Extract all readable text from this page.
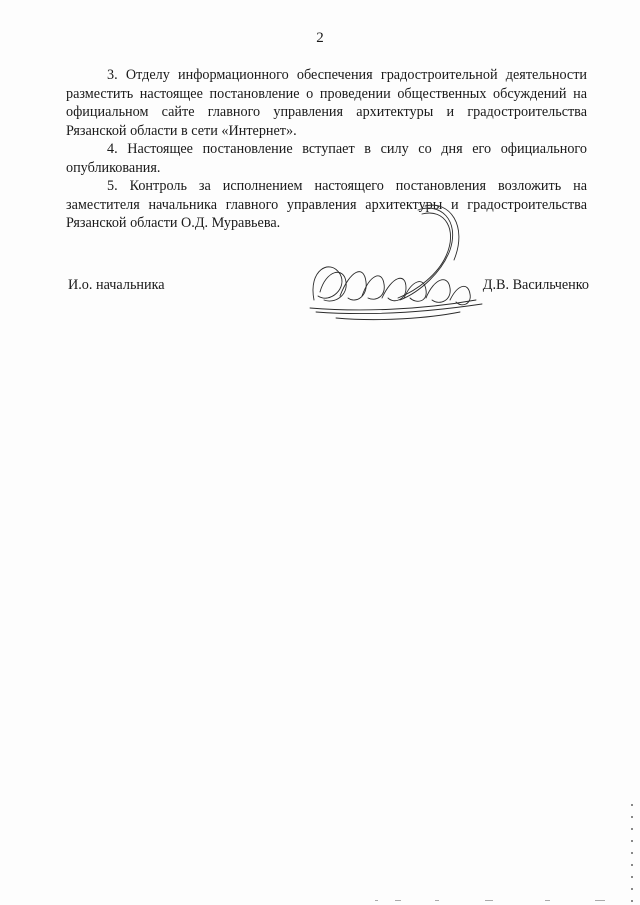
2

3. Отделу информационного обеспечения градостроительной деятельности разместить настоящее постановление о проведении общественных обсуждений на официальном сайте главного управления архитектуры и градостроительства Рязанской области в сети «Интернет».

4. Настоящее постановление вступает в силу со дня его официального опубликования.

5. Контроль за исполнением настоящего постановления возложить на заместителя начальника главного управления архитектуры и градостроительства Рязанской области О.Д. Муравьева.

И.о. начальника	Д.В. Васильченко
